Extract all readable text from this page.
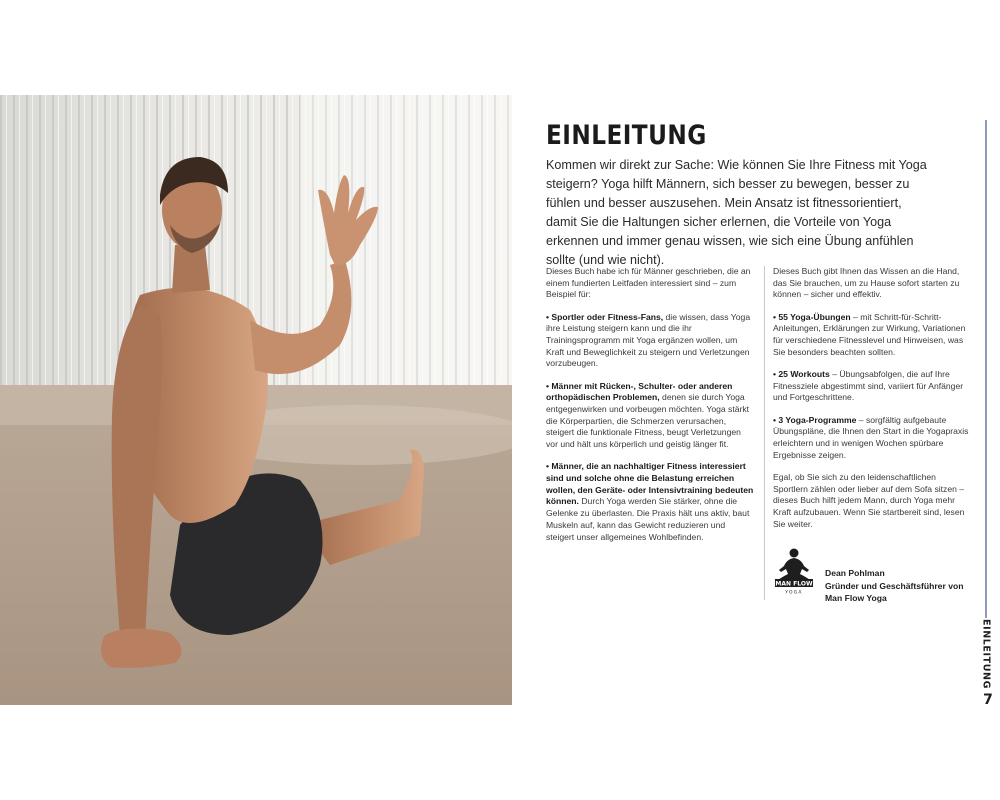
EINLEITUNG

Kommen wir direkt zur Sache: Wie können Sie Ihre Fitness mit Yoga steigern? Yoga hilft Männern, sich besser zu bewegen, besser zu fühlen und besser auszusehen. Mein Ansatz ist fitnessorientiert, damit Sie die Haltungen sicher erlernen, die Vorteile von Yoga erkennen und immer genau wissen, wie sich eine Übung anfühlen sollte (und wie nicht).

Dieses Buch habe ich für Männer geschrieben, die an einem fundierten Leitfaden interessiert sind – zum Beispiel für:

• Sportler oder Fitness-Fans, die wissen, dass Yoga ihre Leistung steigern kann und die ihr Trainingsprogramm mit Yoga ergänzen wollen, um Kraft und Beweglichkeit zu steigern und Verletzungen vorzubeugen.

• Männer mit Rücken-, Schulter- oder anderen orthopädischen Problemen, denen sie durch Yoga entgegenwirken und vorbeugen möchten. Yoga stärkt die Körperpartien, die Schmerzen verursachen, steigert die funktionale Fitness, beugt Verletzungen vor und hält uns körperlich und geistig länger fit.

• Männer, die an nachhaltiger Fitness interessiert sind und solche ohne die Belastung erreichen wollen, den Geräte- oder Intensivtraining bedeuten können. Durch Yoga werden Sie stärker, ohne die Gelenke zu überlasten. Die Praxis hält uns aktiv, baut Muskeln auf, kann das Gewicht reduzieren und steigert unser allgemeines Wohlbefinden.

Dieses Buch gibt Ihnen das Wissen an die Hand, das Sie brauchen, um zu Hause sofort starten zu können – sicher und effektiv.

• 55 Yoga-Übungen – mit Schritt-für-Schritt-Anleitungen, Erklärungen zur Wirkung, Variationen für verschiedene Fitnesslevel und Hinweisen, was Sie besonders beachten sollten.

• 25 Workouts – Übungsabfolgen, die auf Ihre Fitnessziele abgestimmt sind, variiert für Anfänger und Fortgeschrittene.

• 3 Yoga-Programme – sorgfältig aufgebaute Übungspläne, die Ihnen den Start in die Yogapraxis erleichtern und in wenigen Wochen spürbare Ergebnisse zeigen.

Egal, ob Sie sich zu den leidenschaftlichen Sportlern zählen oder lieber auf dem Sofa sitzen – dieses Buch hilft jedem Mann, durch Yoga mehr Kraft aufzubauen. Wenn Sie startbereit sind, lesen Sie weiter.

MAN FLOW
YOGA
Dean Pohlman
Gründer und Geschäftsführer von
Man Flow Yoga
EINLEITUNG
7
